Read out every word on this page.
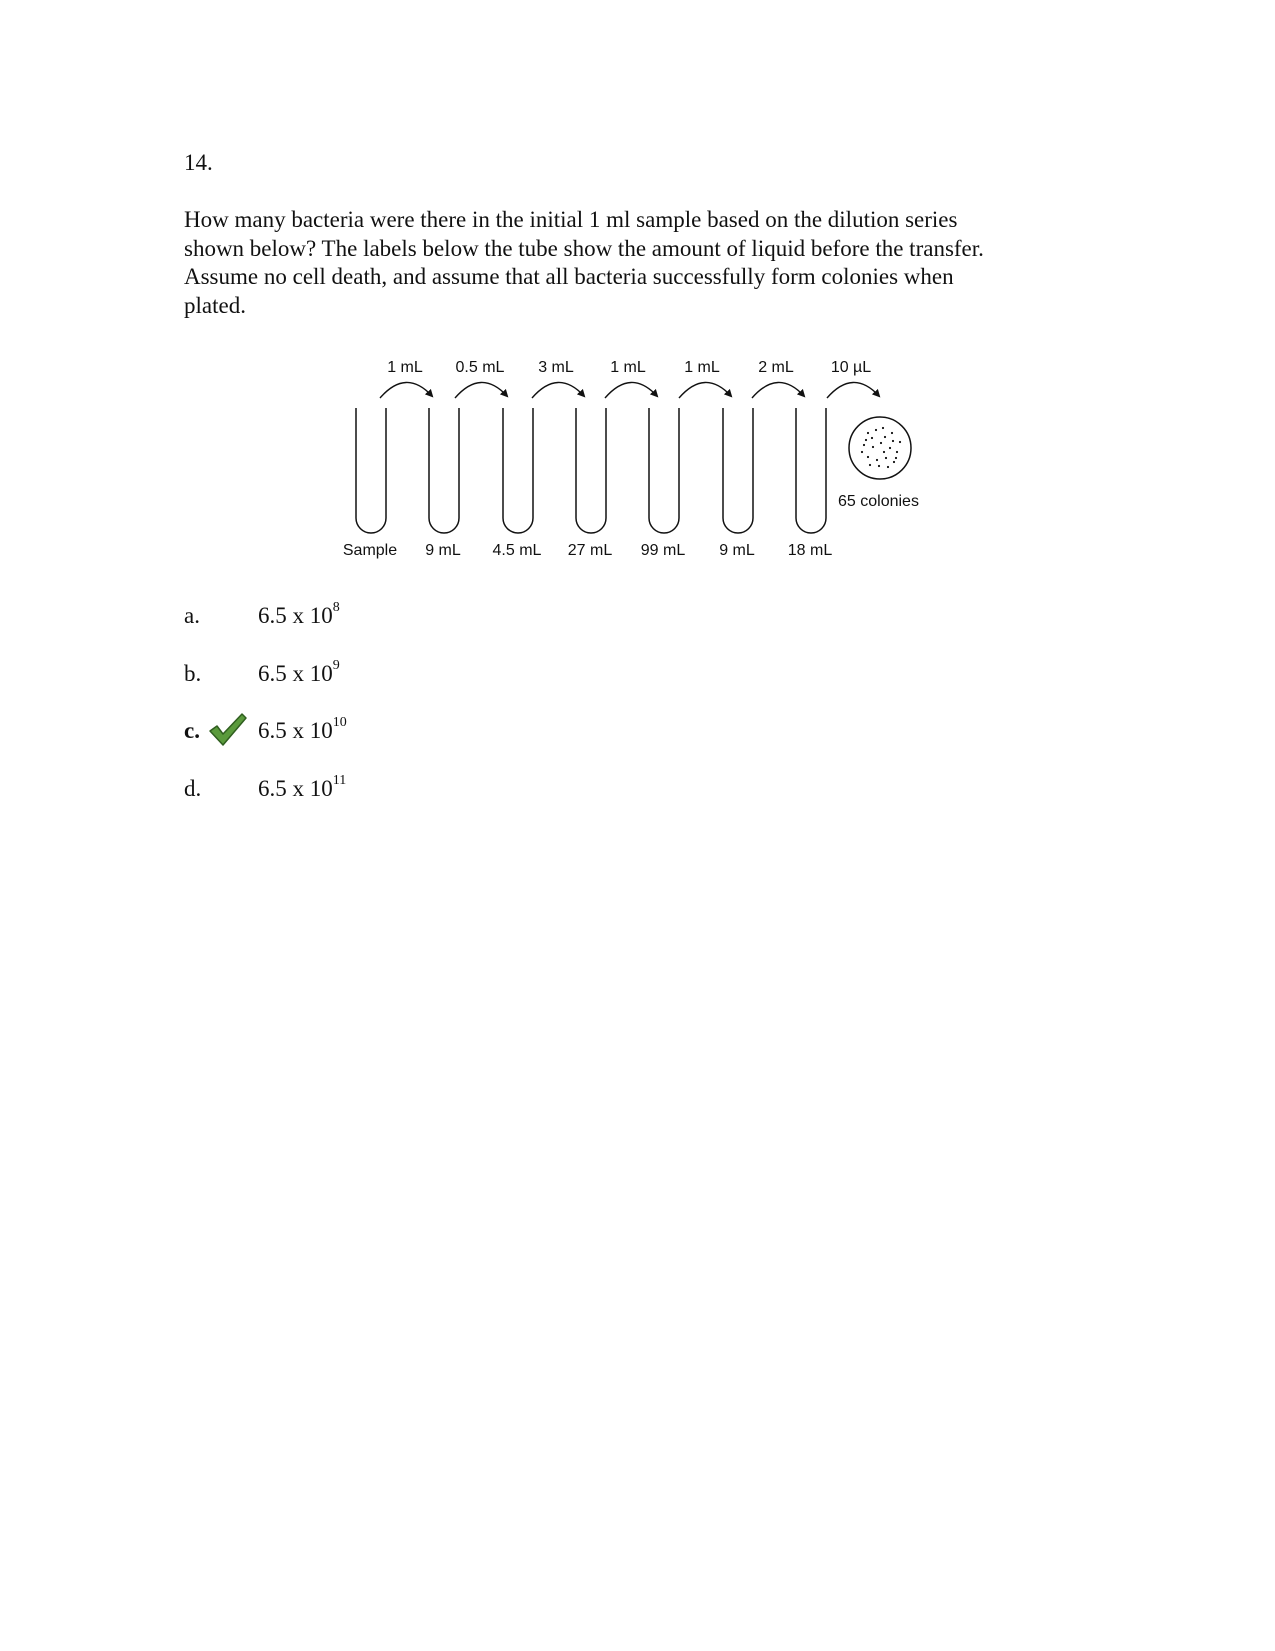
14.
How many bacteria were there in the initial 1 ml sample based on the dilution series
shown below? The labels below the tube show the amount of liquid before the transfer.
Assume no cell death, and assume that all bacteria successfully form colonies when
plated.
1 mL 0.5 mL 3 mL 1 mL 1 mL 2 mL 10 µL
Sample 9 mL 4.5 mL 27 mL 99 mL 9 mL 18 mL
65 colonies
a.	6.5 x $10^8$
b. 6.5 x $10^9$
c.	6.5 x $10^{10}$
d. 6.5 x $10^{11}$
